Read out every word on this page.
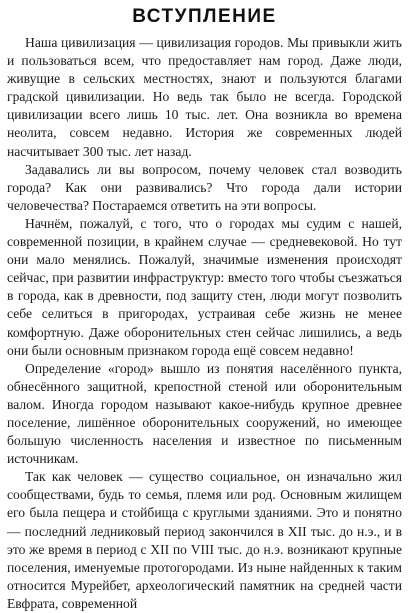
ВСТУПЛЕНИЕ

Наша цивилизация — цивилизация городов. Мы привыкли жить и пользоваться всем, что предоставляет нам город. Даже люди, живущие в сельских местностях, знают и пользуются благами градской цивилизации. Но ведь так было не всегда. Городской цивилизации всего лишь 10 тыс. лет. Она возникла во времена неолита, совсем недавно. История же современных людей насчитывает 300 тыс. лет назад.

Задавались ли вы вопросом, почему человек стал возводить города? Как они развивались? Что города дали истории человечества? Постараемся ответить на эти вопросы.

Начнём, пожалуй, с того, что о городах мы судим с нашей, современной позиции, в крайнем случае — средневековой. Но тут они мало менялись. Пожалуй, значимые изменения происходят сейчас, при развитии инфраструктур: вместо того чтобы съезжаться в города, как в древности, под защиту стен, люди могут позволить себе селиться в пригородах, устраивая себе жизнь не менее комфортную. Даже оборонительных стен сейчас лишились, а ведь они были основным признаком города ещё совсем недавно!

Определение «город» вышло из понятия населённого пункта, обнесённого защитной, крепостной стеной или оборонительным валом. Иногда городом называют какое-нибудь крупное древнее поселение, лишённое оборонительных сооружений, но имеющее большую численность населения и известное по письменным источникам.

Так как человек — существо социальное, он изначально жил сообществами, будь то семья, племя или род. Основным жилищем его была пещера и стойбища с круглыми зданиями. Это и понятно — последний ледниковый период закончился в XII тыс. до н.э., и в это же время в период с XII по VIII тыс. до н.э. возникают крупные поселения, именуемые протогородами. Из ныне найденных к таким относится Мурейбет, археологический памятник на средней части Евфрата, современной
